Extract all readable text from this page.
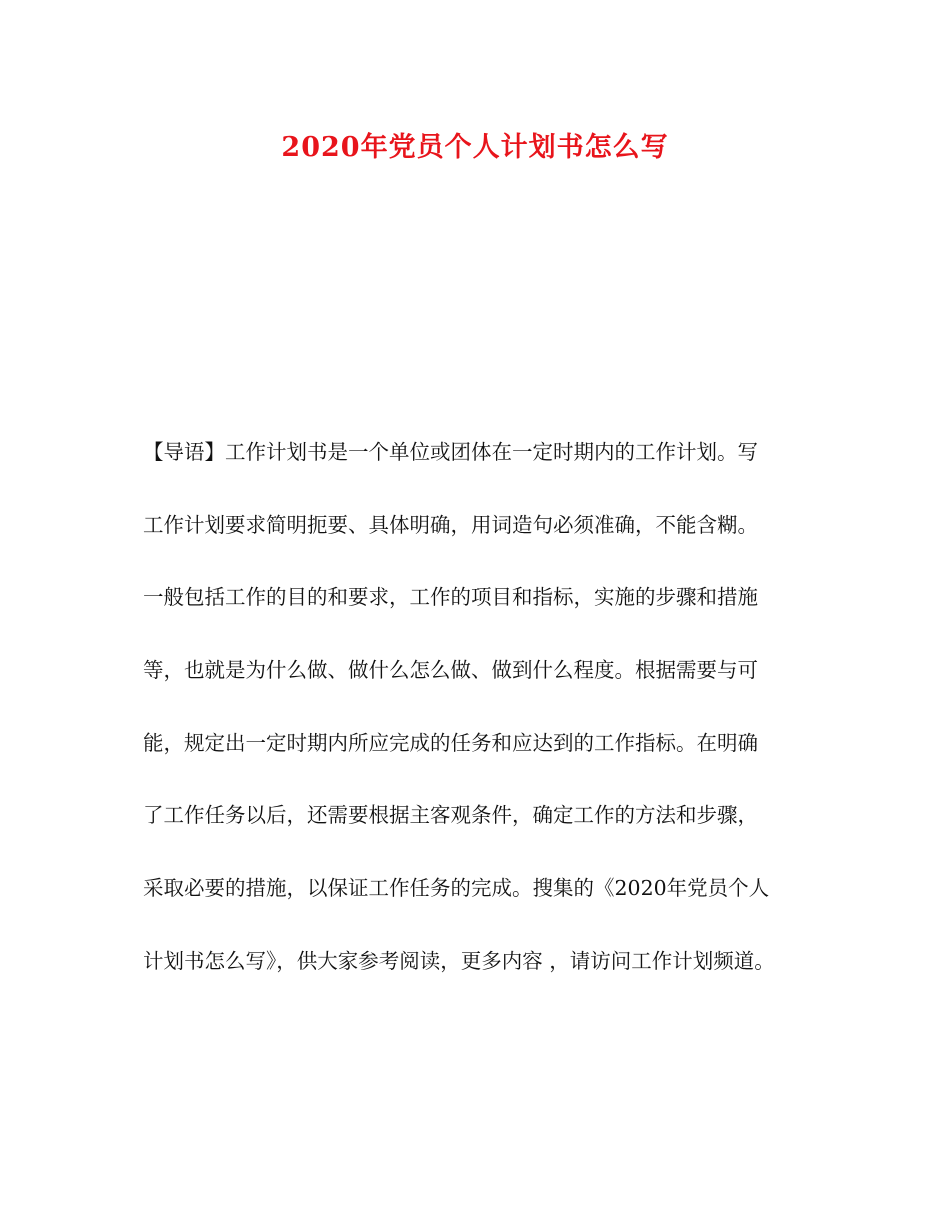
2020年党员个人计划书怎么写
【导语】工作计划书是一个单位或团体在一定时期内的工作计划。写
工作计划要求简明扼要、具体明确，用词造句必须准确，不能含糊。
一般包括工作的目的和要求，工作的项目和指标，实施的步骤和措施
等，也就是为什么做、做什么怎么做、做到什么程度。根据需要与可
能，规定出一定时期内所应完成的任务和应达到的工作指标。在明确
了工作任务以后，还需要根据主客观条件，确定工作的方法和步骤，
采取必要的措施，以保证工作任务的完成。搜集的《2020年党员个人
计划书怎么写》，供大家参考阅读，更多内容 ，请访问工作计划频道。
